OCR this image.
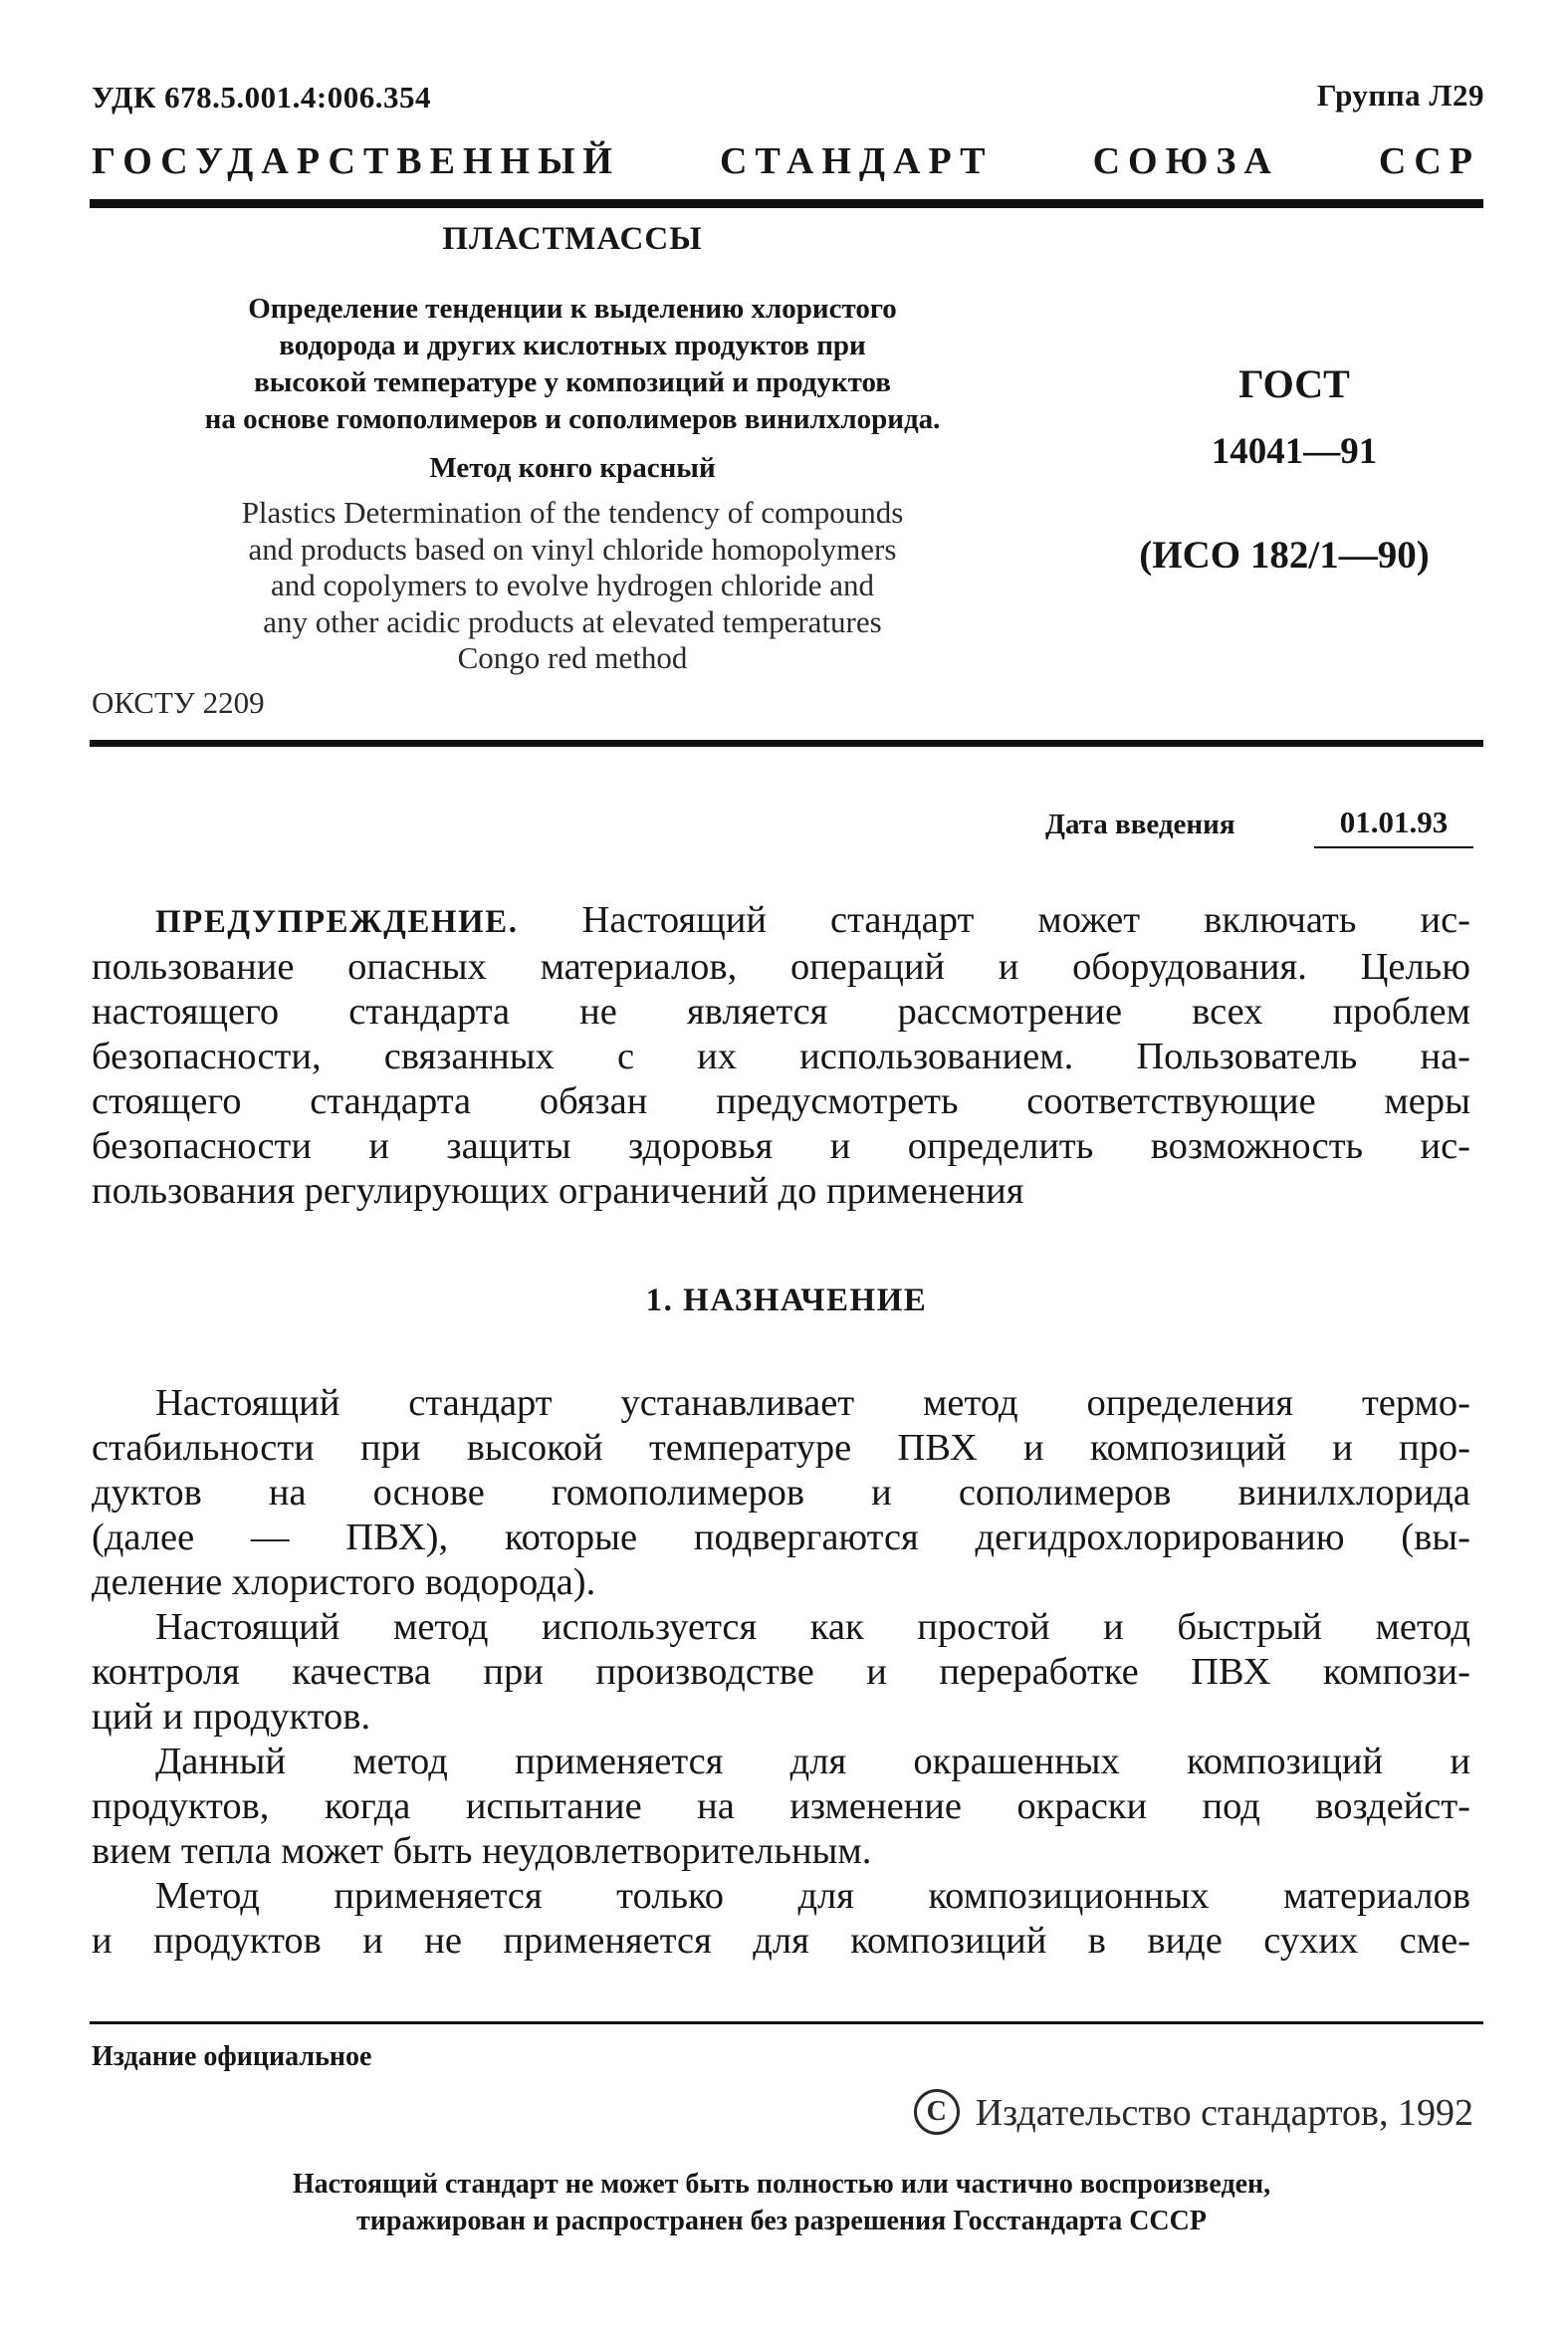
УДК 678.5.001.4:006.354	Группа Л29
ГОСУДАРСТВЕННЫЙ СТАНДАРТ СОЮЗА ССР
ПЛАСТМАССЫ
Определение тенденции к выделению хлористого
водорода и других кислотных продуктов при
высокой температуре у композиций и продуктов
на основе гомополимеров и сополимеров винилхлорида.
Метод конго красный
Plastics Determination of the tendency of compounds
and products based on vinyl chloride homopolymers
and copolymers to evolve hydrogen chloride and
any other acidic products at elevated temperatures
Congo red method
ОКСТУ 2209
ГОСТ
14041—91
(ИСО 182/1—90)
Дата введения	01.01.93
ПРЕДУПРЕЖДЕНИЕ. Настоящий стандарт может включать ис-
пользование опасных материалов, операций и оборудования. Целью
настоящего стандарта не является рассмотрение всех проблем
безопасности, связанных с их использованием. Пользователь на-
стоящего стандарта обязан предусмотреть соответствующие меры
безопасности и защиты здоровья и определить возможность ис-
пользования регулирующих ограничений до применения
1. НАЗНАЧЕНИЕ
Настоящий стандарт устанавливает метод определения термо-
стабильности при высокой температуре ПВХ и композиций и про-
дуктов на основе гомополимеров и сополимеров винилхлорида
(далее — ПВХ), которые подвергаются дегидрохлорированию (вы-
деление хлористого водорода).
Настоящий метод используется как простой и быстрый метод
контроля качества при производстве и переработке ПВХ компози-
ций и продуктов.
Данный метод применяется для окрашенных композиций и
продуктов, когда испытание на изменение окраски под воздейст-
вием тепла может быть неудовлетворительным.
Метод применяется только для композиционных материалов
и продуктов и не применяется для композиций в виде сухих сме-
Издание официальное
C Издательство стандартов, 1992
Настоящий стандарт не может быть полностью или частично воспроизведен,
тиражирован и распространен без разрешения Госстандарта СССР
